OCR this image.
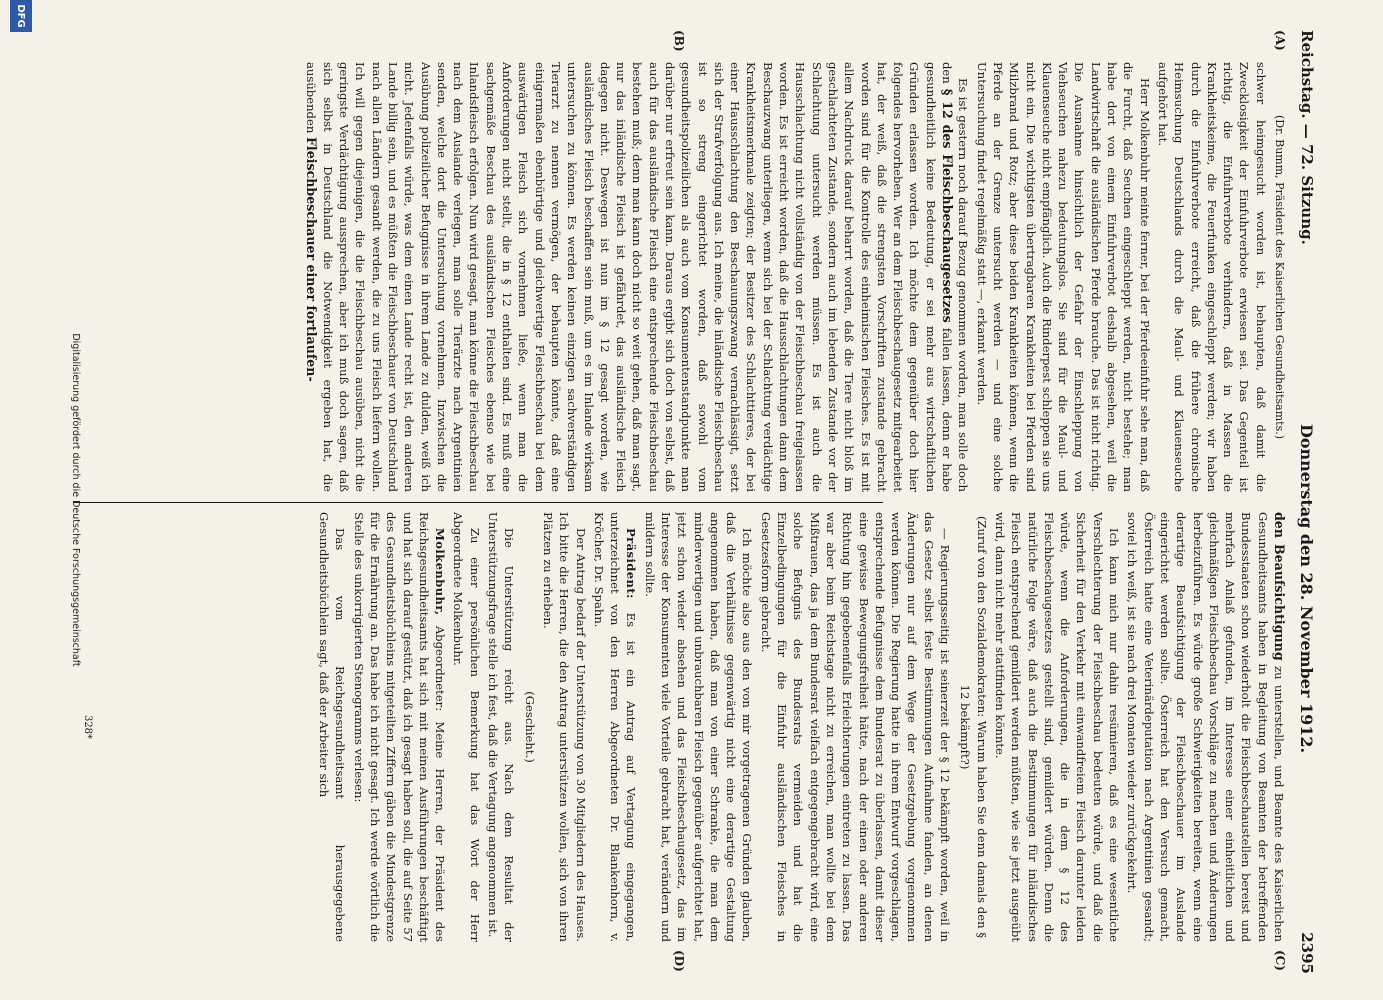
Reichstag. — 72. Sitzung.
Donnerstag den 28. November 1912.
2395
(A)
(B)
(C)
(D)

(Dr. Bumm, Präsident des Kaiserlichen Gesundheitsamts.)

schwer heimgesucht worden ist, behaupten, daß damit die Zwecklosigkeit der Einfuhrverbote erwiesen sei. Das Gegenteil ist richtig, die Einfuhrverbote verhindern, daß in Massen die Krankheitskeime, die Feuerfunken eingeschleppt werden; wir haben durch die Einfuhrverbote erreicht, daß die frühere chronische Heimsuchung Deutschlands durch die Maul- und Klauenseuche aufgehört hat.

Herr Molkenbuhr meinte ferner, bei der Pferdeeinfuhr sehe man, daß die Furcht, daß Seuchen eingeschleppt werden, nicht bestehe; man habe dort von einem Einfuhrverbot deshalb abgesehen, weil die Landwirtschaft die ausländischen Pferde brauche. Das ist nicht richtig. Die Ausnahme hinsichtlich der Gefahr der Einschleppung von Viehseuchen nahezu bedeutungslos. Sie sind für die Maul- und Klauenseuche nicht empfänglich. Auch die Rinderpest schleppen sie uns nicht ein. Die wichtigsten übertragbaren Krankheiten bei Pferden sind Milzbrand und Rotz; aber diese beiden Krankheiten können, wenn die Pferde an der Grenze untersucht werden — und eine solche Untersuchung findet regelmäßig statt —, erkannt werden.

Es ist gestern noch darauf Bezug genommen worden, man solle doch den § 12 des Fleischbeschaugesetzes fallen lassen, denn er habe gesundheitlich keine Bedeutung, er sei mehr aus wirtschaftlichen Gründen erlassen worden. Ich möchte dem gegenüber doch hier folgendes hervorheben. Wer an dem Fleischbeschaugesetz mitgearbeitet hat, der weiß, daß die strengsten Vorschriften zustande gebracht worden sind für die Kontrolle des einheimischen Fleisches. Es ist mit allem Nachdruck darauf beharrt worden, daß die Tiere nicht bloß im geschlachteten Zustande, sondern auch im lebenden Zustande vor der Schlachtung untersucht werden müssen. Es ist auch die Hausschlachtung nicht vollständig von der Fleischbeschau freigelassen worden. Es ist erreicht worden, daß die Hausschlachtungen dann dem Beschauzwang unterliegen, wenn sich bei der Schlachtung verdächtige Krankheitsmerkmale zeigten; der Besitzer des Schlachttieres, der bei einer Hausschlachtung den Beschauungszwang vernachlässigt, setzt sich der Strafverfolgung aus. Ich meine, die inländische Fleischbeschau ist so streng eingerichtet worden, daß sowohl vom gesundheitspolizeilichen als auch vom Konsumentenstandpunkte man darüber nur erfreut sein kann. Daraus ergibt sich doch von selbst, daß auch für das ausländische Fleisch eine entsprechende Fleischbeschau bestehen muß; denn man kann doch nicht so weit gehen, daß man sagt, nur das inländische Fleisch ist gefährdet, das ausländische Fleisch dagegen nicht. Deswegen ist nun im § 12 gesagt worden, wie ausländisches Fleisch beschaffen sein muß, um es im Inlande wirksam untersuchen zu können. Es werden keinen einzigen sachverständigen Tierarzt zu nennen vermögen, der behaupten könnte, daß eine einigermaßen ebenbürtige und gleichwertige Fleischbeschau bei dem auswärtigen Fleisch sich vornehmen ließe, wenn man die Anforderungen nicht stellt, die in § 12 enthalten sind. Es muß eine sachgemäße Beschau des ausländischen Fleisches ebenso wie bei Inlandsfleisch erfolgen. Nun wird gesagt, man könne die Fleischbeschau nach dem Auslande verlegen, man solle Tierärzte nach Argentinien senden, welche dort die Untersuchung vornehmen. Inzwischen die Ausübung polizeilicher Befugnisse in ihrem Lande zu dulden, weiß ich nicht. Jedenfalls würde, was dem einen Lande recht ist, den anderen Lande billig sein, und es müßten die Fleischbeschauer von Deutschland nach allen Ländern gesandt werden, die zu uns Fleisch liefern wollen. Ich will gegen diejenigen, die die Fleischbeschau ausüben, nicht die geringste Verdächtigung aussprechen, aber ich muß doch sagen, daß sich selbst in Deutschland die Notwendigkeit ergeben hat, die ausübenden Fleischbeschauer einer fortlaufen-

den Beaufsichtigung zu unterstellen, und Beamte des Kaiserlichen Gesundheitsamts haben in Begleitung von Beamten der betreffenden Bundesstaaten schon wiederholt die Fleischbeschaustellen bereist und mehrfach Anlaß gefunden, im Interesse einer einheitlichen und gleichmäßigen Fleischbeschau Vorschläge zu machen und Änderungen herbeizuführen. Es würde große Schwierigkeiten bereiten, wenn eine derartige Beaufsichtigung der Fleischbeschauer im Auslande eingerichtet werden sollte. Österreich hat den Versuch gemacht, Österreich hatte eine Veterinärdeputation nach Argentinien gesandt; soviel ich weiß, ist sie nach drei Monaten wieder zurückgekehrt.

Ich kann mich nur dahin resümieren, daß es eine wesentliche Verschlechterung der Fleischbeschau bedeuten würde, und daß die Sicherheit für den Verkehr mit einwandfreiem Fleisch darunter leiden würde, wenn die Anforderungen, die in dem § 12 des Fleischbeschaugesetzes gestellt sind, gemildert würden. Denn die natürliche Folge wäre, daß auch die Bestimmungen für inländisches Fleisch entsprechend gemildert werden müßten, wie sie jetzt ausgeübt wird, dann nicht mehr stattfinden könnte.

(Zuruf von den Sozialdemokraten: Warum haben Sie denn damals den § 12 bekämpft?)

— Regierungsseitig ist seinerzeit der § 12 bekämpft worden, weil in das Gesetz selbst feste Bestimmungen Aufnahme fanden, an denen Änderungen nur auf dem Wege der Gesetzgebung vorgenommen werden können. Die Regierung hatte in ihrem Entwurf vorgeschlagen, entsprechende Befugnisse dem Bundesrat zu überlassen, damit dieser eine gewisse Bewegungsfreiheit hätte, nach der einen oder anderen Richtung hin gegebenenfalls Erleichterungen eintreten zu lassen. Das war aber beim Reichstage nicht zu erreichen, man wollte bei dem Mißtrauen, das ja dem Bundesrat vielfach entgegengebracht wird, eine solche Befugnis des Bundesrats vermeiden und hat die Einzelbedingungen für die Einfuhr ausländischen Fleisches in Gesetzesform gebracht.

Ich möchte also aus den von mir vorgetragenen Gründen glauben, daß die Verhältnisse gegenwärtig nicht eine derartige Gestaltung angenommen haben, daß man von einer Schranke, die man dem minderwertigen und unbrauchbaren Fleisch gegenüber aufgerichtet hat, jetzt schon wieder absehen und das Fleischbeschaugesetz, das im Interesse der Konsumenten viele Vorteile gebracht hat, verändern und mildern sollte.

Präsident: Es ist ein Antrag auf Vertagung eingegangen, unterzeichnet von den Herren Abgeordneten Dr. Blankenhorn, v. Kröcher, Dr. Spahn.

Der Antrag bedarf der Unterstützung von 30 Mitgliedern des Hauses. Ich bitte die Herren, die den Antrag unterstützen wollen, sich von ihren Plätzen zu erheben.

(Geschieht.)

Die Unterstützung reicht aus. Nach dem Resultat der Unterstützungsfrage stelle ich fest, daß die Vertagung angenommen ist.

Zu einer persönlichen Bemerkung hat das Wort der Herr Abgeordnete Molkenbuhr.

Molkenbuhr, Abgeordneter: Meine Herren, der Präsident des Reichsgesundheitsamts hat sich mit meinen Ausführungen beschäftigt und hat sich darauf gestützt, daß ich gesagt haben soll, die auf Seite 57 des Gesundheitsbüchleins mitgeteilten Ziffern gäben die Mindestgrenze für die Ernährung an. Das habe ich nicht gesagt. Ich werde wörtlich die Stelle des unkorrigierten Stenogramms verlesen:

Das vom Reichsgesundheitsamt herausgegebene Gesundheitsbüchlein sagt, daß der Arbeiter sich

328*
Digitalisierung gefördert durch die Deutsche Forschungsgemeinschaft
DFG
